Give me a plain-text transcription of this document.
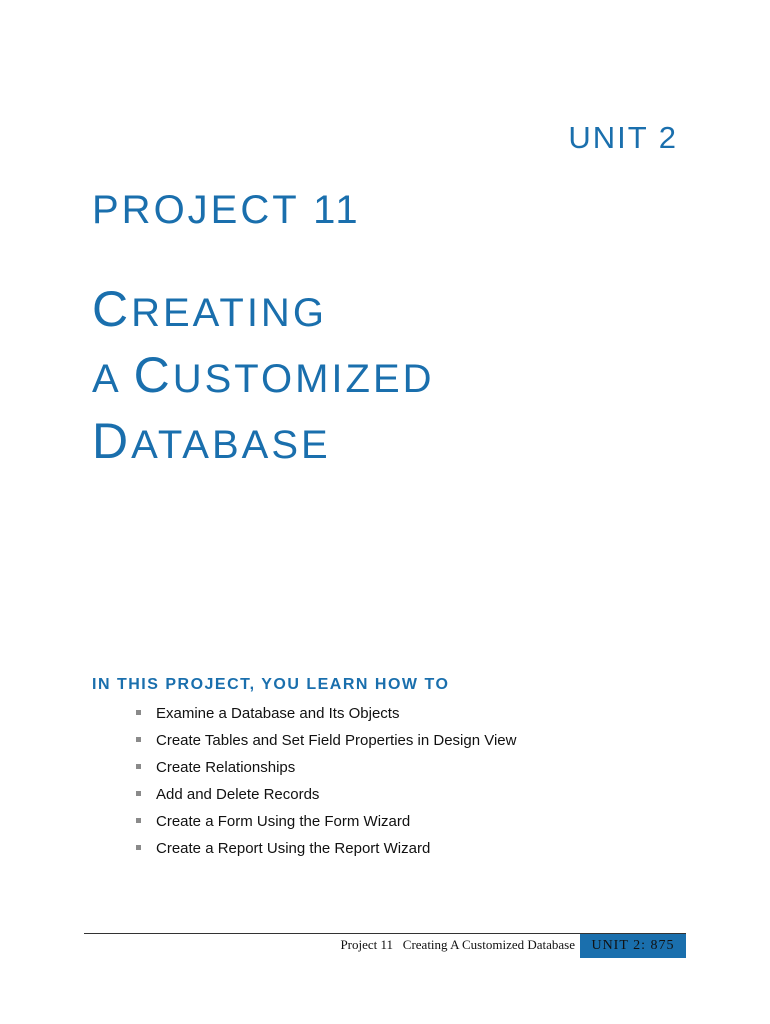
UNIT 2
PROJECT 11
CREATING
A CUSTOMIZED
DATABASE
IN THIS PROJECT, YOU LEARN HOW TO
Examine a Database and Its Objects
Create Tables and Set Field Properties in Design View
Create Relationships
Add and Delete Records
Create a Form Using the Form Wizard
Create a Report Using the Report Wizard
Project 11 Creating A Customized Database	UNIT 2: 875
